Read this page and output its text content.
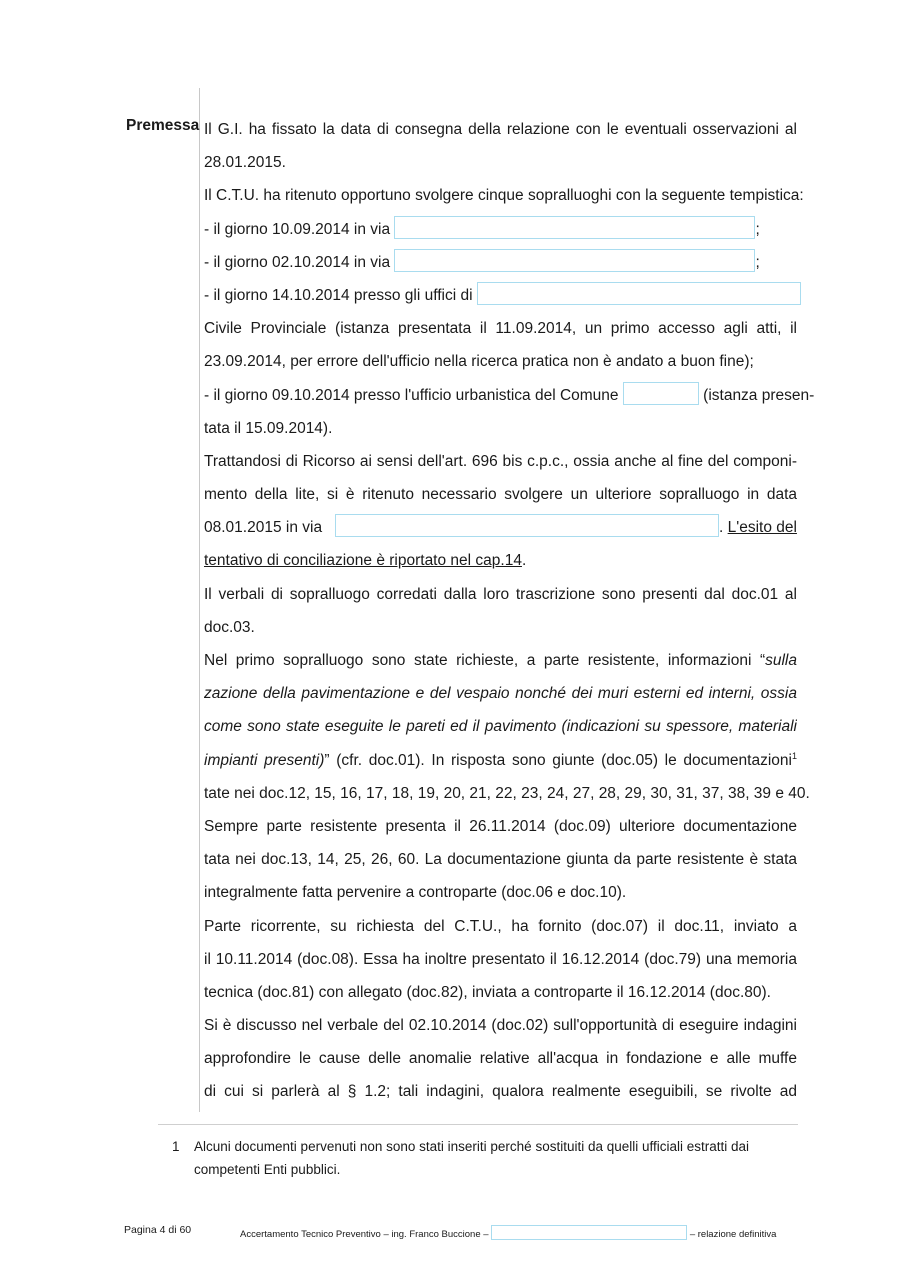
Premessa Il G.I. ha fissato la data di consegna della relazione con le eventuali osservazioni al
28.01.2015.
Il C.T.U. ha ritenuto opportuno svolgere cinque sopralluoghi con la seguente tempistica:
- il giorno 10.09.2014 in via	;
- il giorno 02.10.2014 in via	;
- il giorno 14.10.2014 presso gli uffici di
Civile Provinciale (istanza presentata il 11.09.2014, un primo accesso agli atti, il
23.09.2014, per errore dell'ufficio nella ricerca pratica non è andato a buon fine);
- il giorno 09.10.2014 presso l'ufficio urbanistica del Comune	(istanza presen-
tata il 15.09.2014).
Trattandosi di Ricorso ai sensi dell'art. 696 bis c.p.c., ossia anche al fine del componi-
mento della lite, si è ritenuto necessario svolgere un ulteriore sopralluogo in data
08.01.2015 in via	. L'esito del
tentativo di conciliazione è riportato nel cap.14.
Il verbali di sopralluogo corredati dalla loro trascrizione sono presenti dal doc.01 al
doc.03.
Nel primo sopralluogo sono state richieste, a parte resistente, informazioni “sulla
zazione della pavimentazione e del vespaio nonché dei muri esterni ed interni, ossia
come sono state eseguite le pareti ed il pavimento (indicazioni su spessore, materiali
impianti presenti)” (cfr. doc.01). In risposta sono giunte (doc.05) le documentazioni$^1$
tate nei doc.12, 15, 16, 17, 18, 19, 20, 21, 22, 23, 24, 27, 28, 29, 30, 31, 37, 38, 39 e 40.
Sempre parte resistente presenta il 26.11.2014 (doc.09) ulteriore documentazione
tata nei doc.13, 14, 25, 26, 60. La documentazione giunta da parte resistente è stata
integralmente fatta pervenire a controparte (doc.06 e doc.10).
Parte ricorrente, su richiesta del C.T.U., ha fornito (doc.07) il doc.11, inviato a
il 10.11.2014 (doc.08). Essa ha inoltre presentato il 16.12.2014 (doc.79) una memoria
tecnica (doc.81) con allegato (doc.82), inviata a controparte il 16.12.2014 (doc.80).
Si è discusso nel verbale del 02.10.2014 (doc.02) sull'opportunità di eseguire indagini
approfondire le cause delle anomalie relative all'acqua in fondazione e alle muffe
di cui si parlerà al § 1.2; tali indagini, qualora realmente eseguibili, se rivolte ad
1 Alcuni documenti pervenuti non sono stati inseriti perché sostituiti da quelli ufficiali estratti dai competenti Enti pubblici.
Pagina 4 di 60	Accertamento Tecnico Preventivo – ing. Franco Buccione –	– relazione definitiva
